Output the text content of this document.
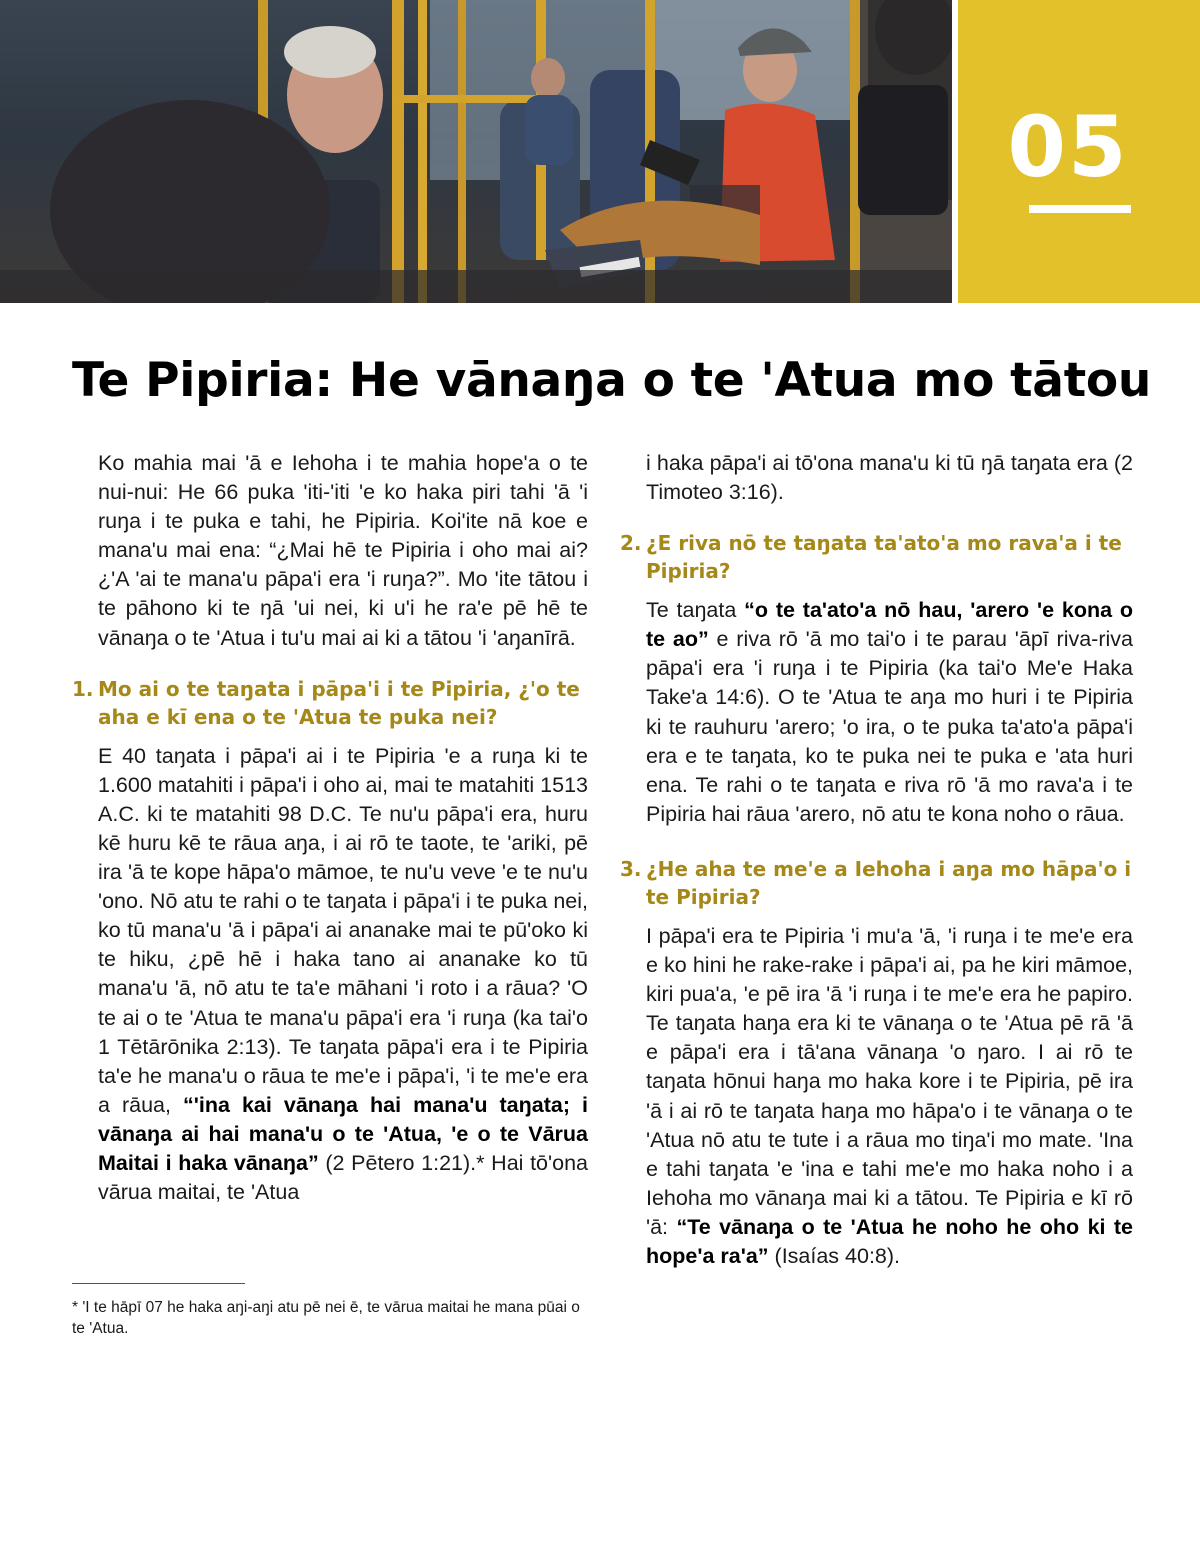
05
Te Pipiria: He vānaŋa o te 'Atua mo tātou

Ko mahia mai 'ā e Iehoha i te mahia hope'a o te nui-nui: He 66 puka 'iti-'iti 'e ko haka piri tahi 'ā 'i ruŋa i te puka e tahi, he Pipiria. Koi'ite nā koe e mana'u mai ena: “¿Mai hē te Pipiria i oho mai ai? ¿'A 'ai te mana'u pāpa'i era 'i ruŋa?”. Mo 'ite tātou i te pāhono ki te ŋā 'ui nei, ki u'i he ra'e pē hē te vānaŋa o te 'Atua i tu'u mai ai ki a tātou 'i 'aŋanīrā.

1. Mo ai o te taŋata i pāpa'i i te Pipiria, ¿'o te aha e kī ena o te 'Atua te puka nei?

E 40 taŋata i pāpa'i ai i te Pipiria 'e a ruŋa ki te 1.600 matahiti i pāpa'i i oho ai, mai te matahiti 1513 A.C. ki te matahiti 98 D.C. Te nu'u pāpa'i era, huru kē huru kē te rāua aŋa, i ai rō te taote, te 'ariki, pē ira 'ā te kope hāpa'o māmoe, te nu'u veve 'e te nu'u 'ono. Nō atu te rahi o te taŋata i pāpa'i i te puka nei, ko tū mana'u 'ā i pāpa'i ai ananake mai te pū'oko ki te hiku, ¿pē hē i haka tano ai ananake ko tū mana'u 'ā, nō atu te ta'e māhani 'i roto i a rāua? 'O te ai o te 'Atua te mana'u pāpa'i era 'i ruŋa (ka tai'o 1 Tētārōnika 2:13). Te taŋata pāpa'i era i te Pipiria ta'e he mana'u o rāua te me'e i pāpa'i, 'i te me'e era a rāua, “'ina kai vānaŋa hai mana'u taŋata; i vānaŋa ai hai mana'u o te 'Atua, 'e o te Vārua Maitai i haka vānaŋa” (2 Pētero 1:21).* Hai tō'ona vārua maitai, te 'Atua

* 'I te hāpī 07 he haka aŋi-aŋi atu pē nei ē, te vārua maitai he mana pūai o te 'Atua.

i haka pāpa'i ai tō'ona mana'u ki tū ŋā taŋata era (2 Timoteo 3:16).

2. ¿E riva nō te taŋata ta'ato'a mo rava'a i te Pipiria?

Te taŋata “o te ta'ato'a nō hau, 'arero 'e kona o te ao” e riva rō 'ā mo tai'o i te parau 'āpī riva-riva pāpa'i era 'i ruŋa i te Pipiria (ka tai'o Me'e Haka Take'a 14:6). O te 'Atua te aŋa mo huri i te Pipiria ki te rauhuru 'arero; 'o ira, o te puka ta'ato'a pāpa'i era e te taŋata, ko te puka nei te puka e 'ata huri ena. Te rahi o te taŋata e riva rō 'ā mo rava'a i te Pipiria hai rāua 'arero, nō atu te kona noho o rāua.

3. ¿He aha te me'e a Iehoha i aŋa mo hāpa'o i te Pipiria?

I pāpa'i era te Pipiria 'i mu'a 'ā, 'i ruŋa i te me'e era e ko hini he rake-rake i pāpa'i ai, pa he kiri māmoe, kiri pua'a, 'e pē ira 'ā 'i ruŋa i te me'e era he papiro. Te taŋata haŋa era ki te vānaŋa o te 'Atua pē rā 'ā e pāpa'i era i tā'ana vānaŋa 'o ŋaro. I ai rō te taŋata hōnui haŋa mo haka kore i te Pipiria, pē ira 'ā i ai rō te taŋata haŋa mo hāpa'o i te vānaŋa o te 'Atua nō atu te tute i a rāua mo tiŋa'i mo mate. 'Ina e tahi taŋata 'e 'ina e tahi me'e mo haka noho i a Iehoha mo vānaŋa mai ki a tātou. Te Pipiria e kī rō 'ā: “Te vānaŋa o te 'Atua he noho he oho ki te hope'a ra'a” (Isaías 40:8).
